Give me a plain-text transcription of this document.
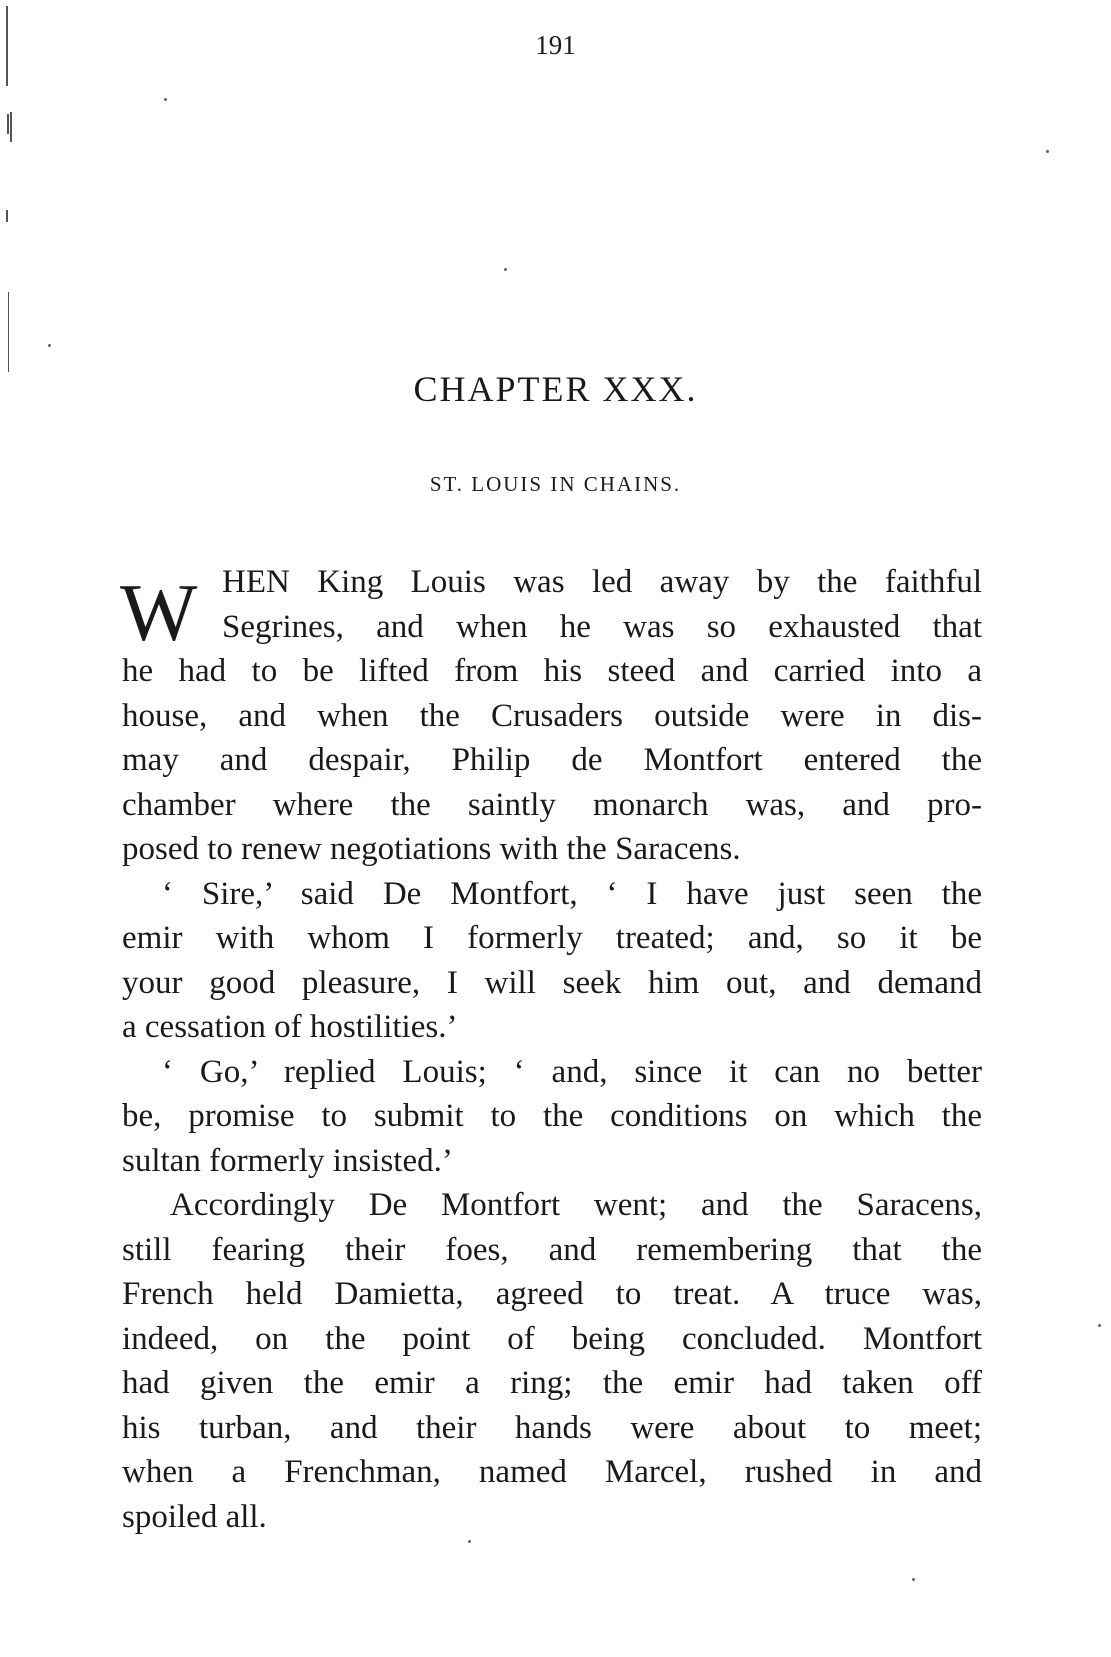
191
CHAPTER XXX.
ST. LOUIS IN CHAINS.
W HEN King Louis was led away by the faithful
Segrines, and when he was so exhausted that
he had to be lifted from his steed and carried into a
house, and when the Crusaders outside were in dis-
may and despair, Philip de Montfort entered the
chamber where the saintly monarch was, and pro-
posed to renew negotiations with the Saracens.
‘ Sire,’ said De Montfort, ‘ I have just seen the
emir with whom I formerly treated; and, so it be
your good pleasure, I will seek him out, and demand
a cessation of hostilities.’
‘ Go,’ replied Louis; ‘ and, since it can no better
be, promise to submit to the conditions on which the
sultan formerly insisted.’
Accordingly De Montfort went; and the Saracens,
still fearing their foes, and remembering that the
French held Damietta, agreed to treat. A truce was,
indeed, on the point of being concluded. Montfort
had given the emir a ring; the emir had taken off
his turban, and their hands were about to meet;
when a Frenchman, named Marcel, rushed in and
spoiled all.
